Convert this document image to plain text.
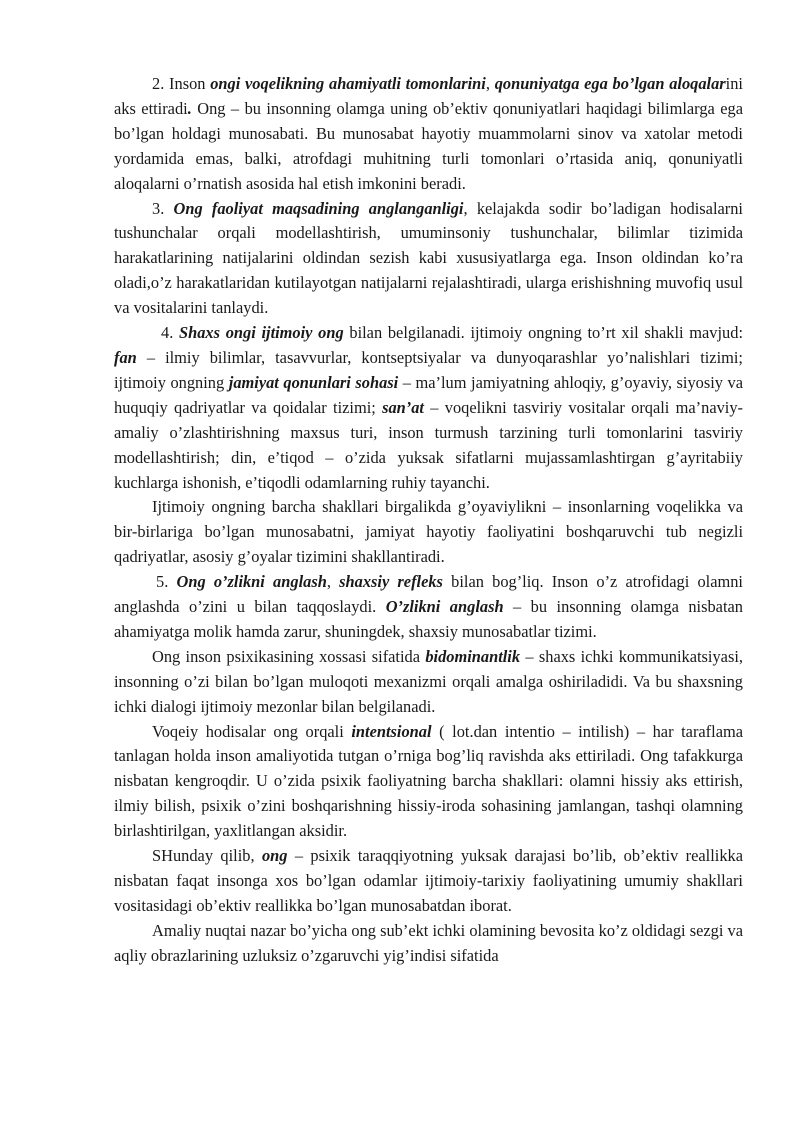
2. Inson ongi voqelikning ahamiyatli tomonlarini, qonuniyatga ega bo’lgan aloqalarini aks ettiradi. Ong – bu insonning olamga uning ob’ektiv qonuniyatlari haqidagi bilimlarga ega bo’lgan holdagi munosabati. Bu munosabat hayotiy muammolarni sinov va xatolar metodi yordamida emas, balki, atrofdagi muhitning turli tomonlari o’rtasida aniq, qonuniyatli aloqalarni o’rnatish asosida hal etish imkonini beradi.

3. Ong faoliyat maqsadining anglanganligi, kelajakda sodir bo’ladigan hodisalarni tushunchalar orqali modellashtirish, umuminsoniy tushunchalar, bilimlar tizimida harakatlarining natijalarini oldindan sezish kabi xususiyatlarga ega. Inson oldindan ko’ra oladi,o’z harakatlaridan kutilayotgan natijalarni rejalashtiradi, ularga erishishning muvofiq usul va vositalarini tanlaydi.

4. Shaxs ongi ijtimoiy ong bilan belgilanadi. ijtimoiy ongning to’rt xil shakli mavjud: fan – ilmiy bilimlar, tasavvurlar, kontseptsiyalar va dunyoqarashlar yo’nalishlari tizimi; ijtimoiy ongning jamiyat qonunlari sohasi – ma’lum jamiyatning ahloqiy, g’oyaviy, siyosiy va huquqiy qadriyatlar va qoidalar tizimi; san’at – voqelikni tasviriy vositalar orqali ma’naviy-amaliy o’zlashtirishning maxsus turi, inson turmush tarzining turli tomonlarini tasviriy modellashtirish; din, e’tiqod – o’zida yuksak sifatlarni mujassamlashtirgan g’ayritabiiy kuchlarga ishonish, e’tiqodli odamlarning ruhiy tayanchi.

Ijtimoiy ongning barcha shakllari birgalikda g’oyaviylikni – insonlarning voqelikka va bir-birlariga bo’lgan munosabatni, jamiyat hayotiy faoliyatini boshqaruvchi tub negizli qadriyatlar, asosiy g’oyalar tizimini shakllantiradi.

5. Ong o’zlikni anglash, shaxsiy refleks bilan bog’liq. Inson o’z atrofidagi olamni anglashda o’zini u bilan taqqoslaydi. O’zlikni anglash – bu insonning olamga nisbatan ahamiyatga molik hamda zarur, shuningdek, shaxsiy munosabatlar tizimi.

Ong inson psixikasining xossasi sifatida bidominantlik – shaxs ichki kommunikatsiyasi, insonning o’zi bilan bo’lgan muloqoti mexanizmi orqali amalga oshiriladidi. Va bu shaxsning ichki dialogi ijtimoiy mezonlar bilan belgilanadi.

Voqeiy hodisalar ong orqali intentsional ( lot.dan intentio – intilish) – har taraflama tanlagan holda inson amaliyotida tutgan o’rniga bog’liq ravishda aks ettiriladi. Ong tafakkurga nisbatan kengroqdir. U o’zida psixik faoliyatning barcha shakllari: olamni hissiy aks ettirish, ilmiy bilish, psixik o’zini boshqarishning hissiy-iroda sohasining jamlangan, tashqi olamning birlashtirilgan, yaxlitlangan aksidir.

SHunday qilib, ong – psixik taraqqiyotning yuksak darajasi bo’lib, ob’ektiv reallikka nisbatan faqat insonga xos bo’lgan odamlar ijtimoiy-tarixiy faoliyatining umumiy shakllari vositasidagi ob’ektiv reallikka bo’lgan munosabatdan iborat.

Amaliy nuqtai nazar bo’yicha ong sub’ekt ichki olamining bevosita ko’z oldidagi sezgi va aqliy obrazlarining uzluksiz o’zgaruvchi yig’indisi sifatida
